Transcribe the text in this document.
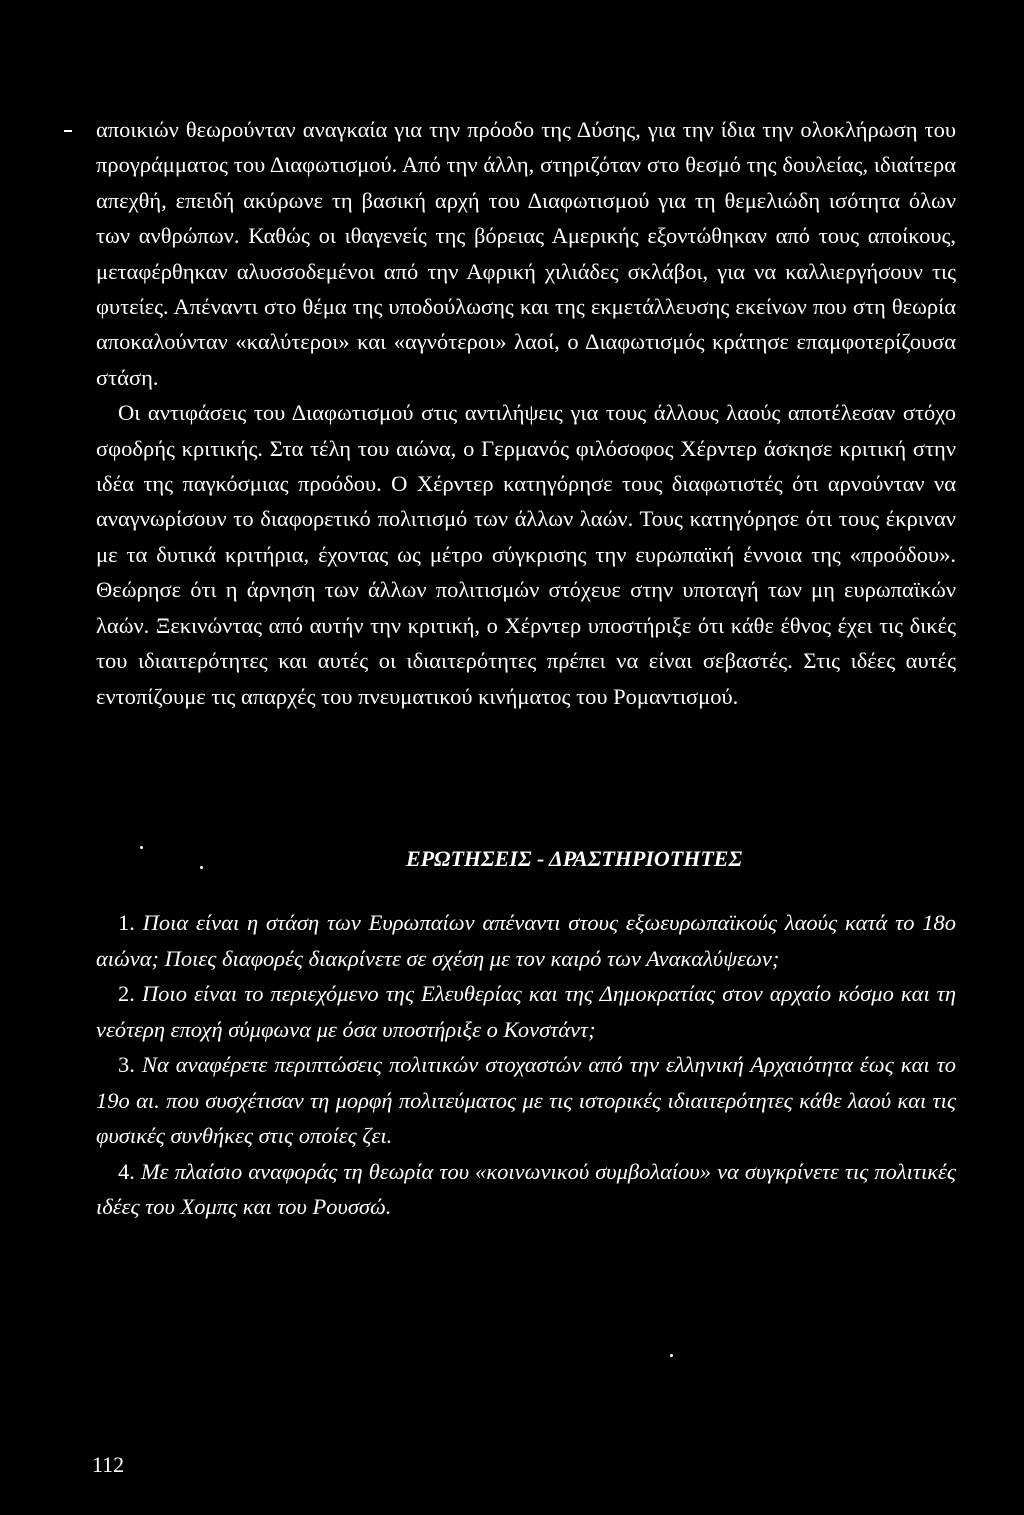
αποικιών θεωρούνταν αναγκαία για την πρόοδο της Δύσης, για την ίδια την ολοκλήρωση του προγράμματος του Διαφωτισμού. Από την άλλη, στηριζόταν στο θεσμό της δουλείας, ιδιαίτερα απεχθή, επειδή ακύρωνε τη βασική αρχή του Διαφωτισμού για τη θεμελιώδη ισότητα όλων των ανθρώπων. Καθώς οι ιθαγενείς της βόρειας Αμερικής εξοντώθηκαν από τους αποίκους, μεταφέρθηκαν αλυσσοδεμένοι από την Αφρική χιλιάδες σκλάβοι, για να καλλιεργήσουν τις φυτείες. Απέναντι στο θέμα της υποδούλωσης και της εκμετάλλευσης εκείνων που στη θεωρία αποκαλούνταν «καλύτεροι» και «αγνότεροι» λαοί, ο Διαφωτισμός κράτησε επαμφοτερίζουσα στάση.

Οι αντιφάσεις του Διαφωτισμού στις αντιλήψεις για τους άλλους λαούς αποτέλεσαν στόχο σφοδρής κριτικής. Στα τέλη του αιώνα, ο Γερμανός φιλόσοφος Χέρντερ άσκησε κριτική στην ιδέα της παγκόσμιας προόδου. Ο Χέρντερ κατηγόρησε τους διαφωτιστές ότι αρνούνταν να αναγνωρίσουν το διαφορετικό πολιτισμό των άλλων λαών. Τους κατηγόρησε ότι τους έκριναν με τα δυτικά κριτήρια, έχοντας ως μέτρο σύγκρισης την ευρωπαϊκή έννοια της «προόδου». Θεώρησε ότι η άρνηση των άλλων πολιτισμών στόχευε στην υποταγή των μη ευρωπαϊκών λαών. Ξεκινώντας από αυτήν την κριτική, ο Χέρντερ υποστήριξε ότι κάθε έθνος έχει τις δικές του ιδιαιτερότητες και αυτές οι ιδιαιτερότητες πρέπει να είναι σεβαστές. Στις ιδέες αυτές εντοπίζουμε τις απαρχές του πνευματικού κινήματος του Ρομαντισμού.

ΕΡΩΤΗΣΕΙΣ - ΔΡΑΣΤΗΡΙΟΤΗΤΕΣ

1. Ποια είναι η στάση των Ευρωπαίων απέναντι στους εξωευρωπαϊκούς λαούς κατά το 18ο αιώνα; Ποιες διαφορές διακρίνετε σε σχέση με τον καιρό των Ανακαλύψεων;

2. Ποιο είναι το περιεχόμενο της Ελευθερίας και της Δημοκρατίας στον αρχαίο κόσμο και τη νεότερη εποχή σύμφωνα με όσα υποστήριξε ο Κονστάντ;

3. Να αναφέρετε περιπτώσεις πολιτικών στοχαστών από την ελληνική Αρχαιότητα έως και το 19ο αι. που συσχέτισαν τη μορφή πολιτεύματος με τις ιστορικές ιδιαιτερότητες κάθε λαού και τις φυσικές συνθήκες στις οποίες ζει.

4. Με πλαίσιο αναφοράς τη θεωρία του «κοινωνικού συμβολαίου» να συγκρίνετε τις πολιτικές ιδέες του Χομπς και του Ρουσσώ.

112
